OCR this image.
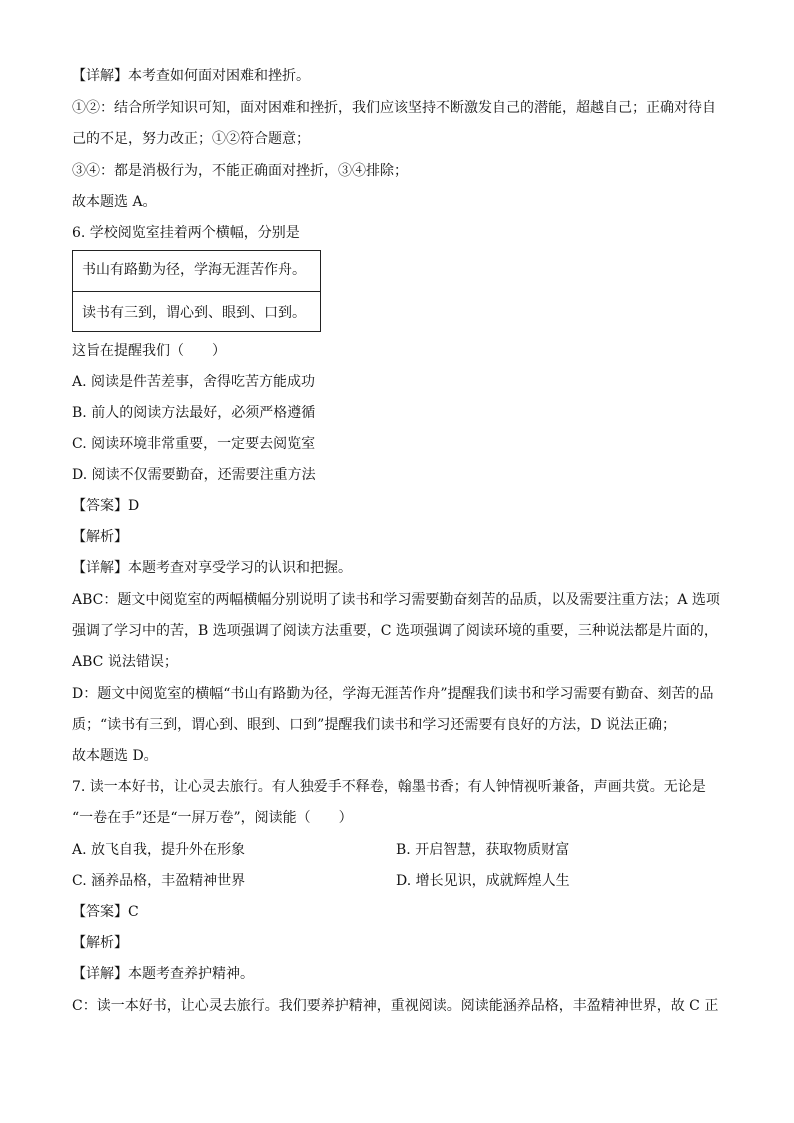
【详解】本考查如何面对困难和挫折。
①②：结合所学知识可知，面对困难和挫折，我们应该坚持不断激发自己的潜能，超越自己；正确对待自
己的不足，努力改正；①②符合题意；
③④：都是消极行为，不能正确面对挫折，③④排除；
故本题选 A。
6. 学校阅览室挂着两个横幅，分别是
书山有路勤为径，学海无涯苦作舟。
读书有三到，谓心到、眼到、口到。
这旨在提醒我们（　　）
A. 阅读是件苦差事，舍得吃苦方能成功
B. 前人的阅读方法最好，必须严格遵循
C. 阅读环境非常重要，一定要去阅览室
D. 阅读不仅需要勤奋，还需要注重方法
【答案】D
【解析】
【详解】本题考查对享受学习的认识和把握。
ABC：题文中阅览室的两幅横幅分别说明了读书和学习需要勤奋刻苦的品质，以及需要注重方法；A 选项
强调了学习中的苦，B 选项强调了阅读方法重要，C 选项强调了阅读环境的重要，三种说法都是片面的，
ABC 说法错误；
D：题文中阅览室的横幅“书山有路勤为径，学海无涯苦作舟”提醒我们读书和学习需要有勤奋、刻苦的品
质；“读书有三到，谓心到、眼到、口到”提醒我们读书和学习还需要有良好的方法，D 说法正确；
故本题选 D。
7. 读一本好书，让心灵去旅行。有人独爱手不释卷，翰墨书香；有人钟情视听兼备，声画共赏。无论是
“一卷在手”还是“一屏万卷”，阅读能（　　）
A. 放飞自我，提升外在形象	B. 开启智慧，获取物质财富
C. 涵养品格，丰盈精神世界	D. 增长见识，成就辉煌人生
【答案】C
【解析】
【详解】本题考查养护精神。
C：读一本好书，让心灵去旅行。我们要养护精神，重视阅读。阅读能涵养品格，丰盈精神世界，故 C 正
